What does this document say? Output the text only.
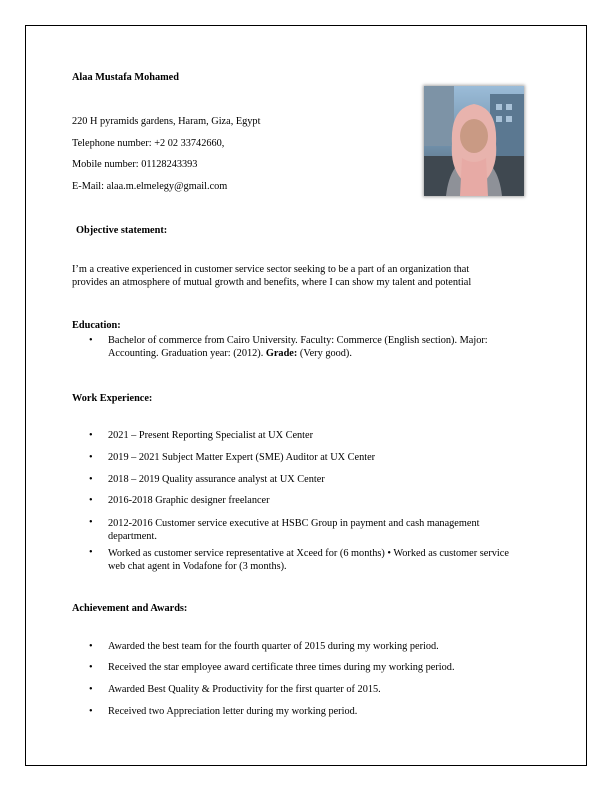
Alaa Mustafa Mohamed
220 H pyramids gardens, Haram, Giza, Egypt
Telephone number: +2 02 33742660,
Mobile number: 01128243393
E-Mail: alaa.m.elmelegy@gmail.com
Objective statement:
I’m a creative experienced in customer service sector seeking to be a part of an organization that
provides an atmosphere of mutual growth and benefits, where I can show my talent and potential
Education:
• Bachelor of commerce from Cairo University. Faculty: Commerce (English section). Major:
Accounting. Graduation year: (2012). Grade: (Very good).
Work Experience:
• 2021 – Present Reporting Specialist at UX Center
• 2019 – 2021 Subject Matter Expert (SME) Auditor at UX Center
• 2018 – 2019 Quality assurance analyst at UX Center
• 2016-2018 Graphic designer freelancer
• 2012-2016 Customer service executive at HSBC Group in payment and cash management department.
• Worked as customer service representative at Xceed for (6 months) • Worked as customer service web chat agent in Vodafone for (3 months).
Achievement and Awards:
• Awarded the best team for the fourth quarter of 2015 during my working period.
• Received the star employee award certificate three times during my working period.
• Awarded Best Quality & Productivity for the first quarter of 2015.
• Received two Appreciation letter during my working period.
